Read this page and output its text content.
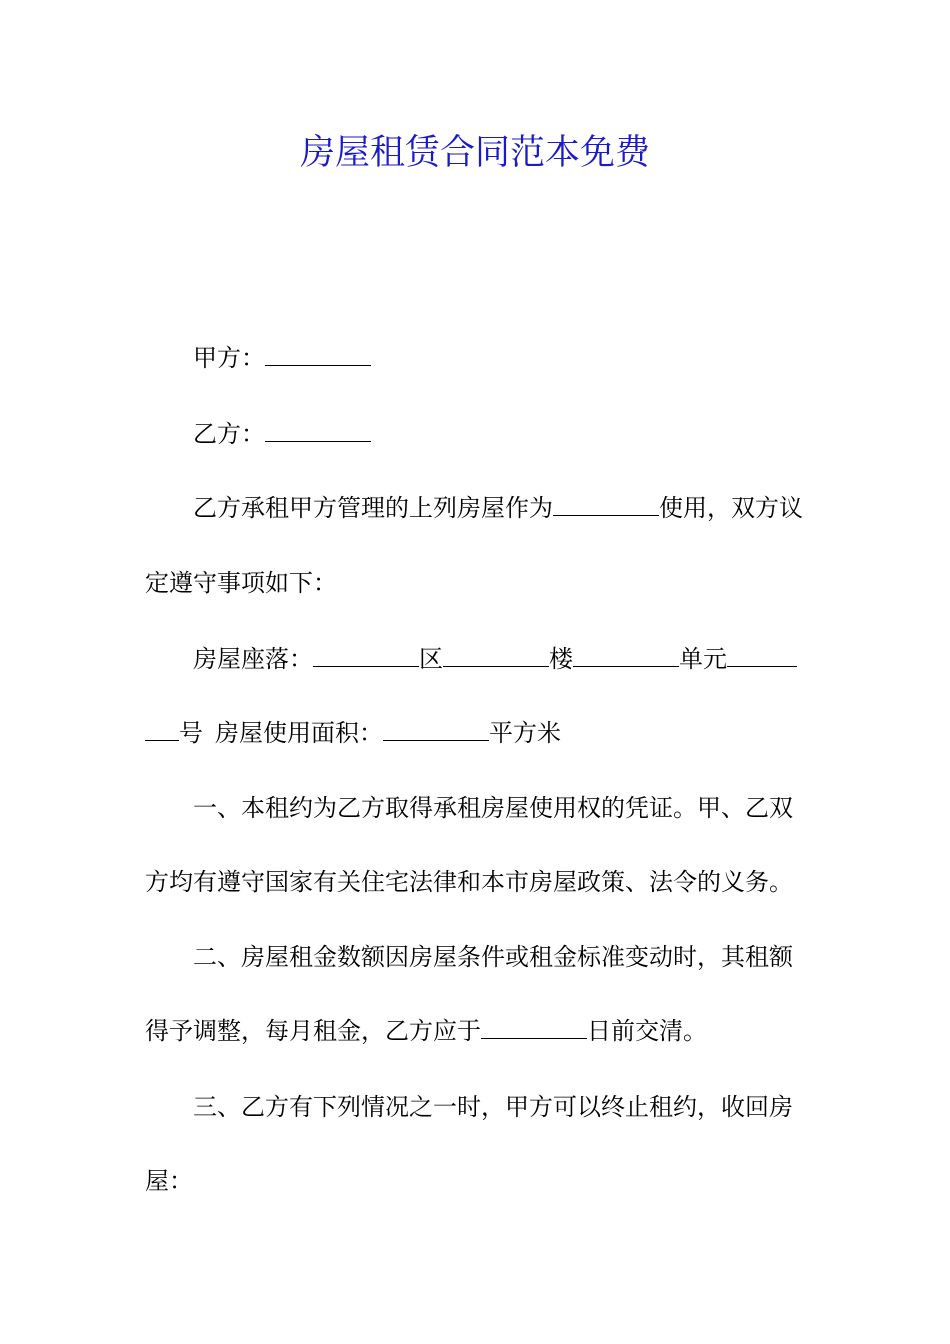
房屋租赁合同范本免费
甲方：
乙方：
乙方承租甲方管理的上列房屋作为	使用，双方议
定遵守事项如下：
房屋座落：	区	楼	单元
号 房屋使用面积：	平方米
一、本租约为乙方取得承租房屋使用权的凭证。甲、乙双
方均有遵守国家有关住宅法律和本市房屋政策、法令的义务。
二、房屋租金数额因房屋条件或租金标准变动时，其租额
得予调整，每月租金，乙方应于	日前交清。
三、乙方有下列情况之一时，甲方可以终止租约，收回房
屋：
